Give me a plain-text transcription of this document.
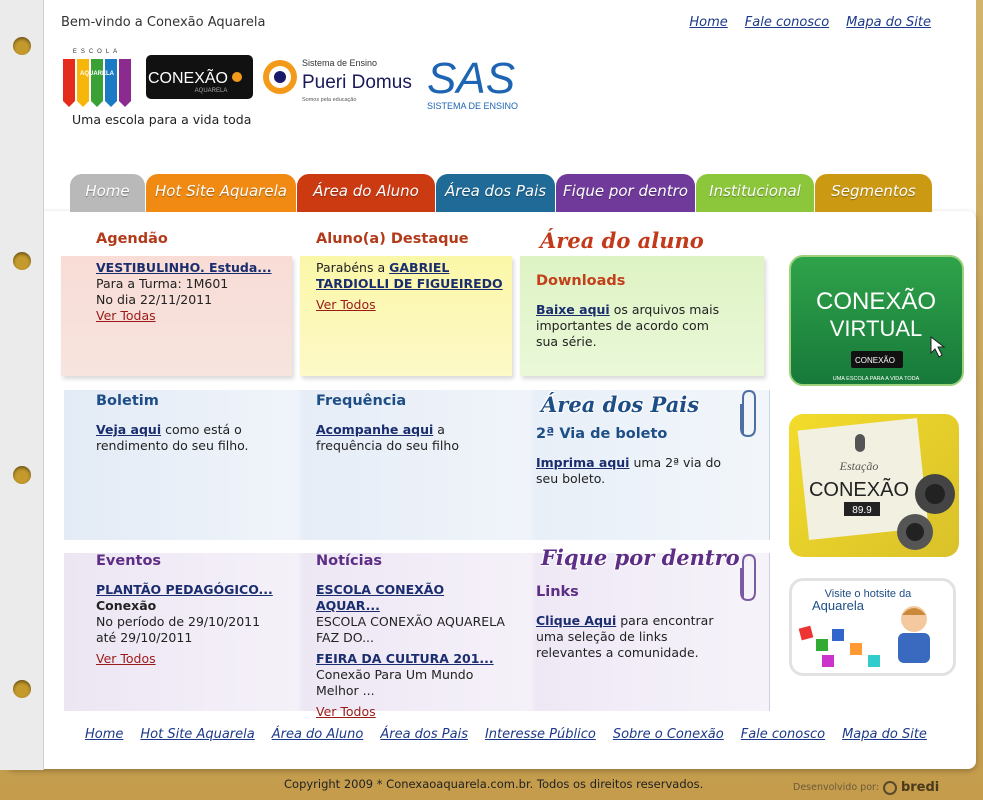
Bem-vindo a Conexão Aquarela	Home Fale conosco Mapa do Site
ESCOLA
AQUARELA CONEXÃO
AQUARELA
Sistema de Ensino
Pueri Domus
Somos pela educação SAS
SISTEMA DE ENSINO
Uma escola para a vida toda
Home	Hot Site Aquarela	Área do Aluno	Área dos Pais	Fique por dentro	Institucional	Segmentos
Agendão
VESTIBULINHO. Estuda...
Para a Turma: 1M601
No dia 22/11/2011
Ver Todas
Aluno(a) Destaque
Parabéns a GABRIEL
TARDIOLLI DE FIGUEIREDO
Ver Todos
Área do aluno
Downloads
Baixe aqui os arquivos mais
importantes de acordo com
sua série.
Boletim
Veja aqui como está o
rendimento do seu filho.
Frequência
Acompanhe aqui a
frequência do seu filho
Área dos Pais
2ª Via de boleto
Imprima aqui uma 2ª via do
seu boleto.
Eventos
PLANTÃO PEDAGÓGICO...
Conexão
No período de 29/10/2011
até 29/10/2011
Ver Todos
Notícias
ESCOLA CONEXÃO
AQUAR...
ESCOLA CONEXÃO AQUARELA
FAZ DO...
FEIRA DA CULTURA 201...
Conexão Para Um Mundo
Melhor ...
Ver Todos
Fique por dentro
Links
Clique Aqui para encontrar
uma seleção de links
relevantes a comunidade.
CONEXÃO
VIRTUAL
CONEXÃO
UMA ESCOLA PARA A VIDA TODA
Estação
CONEXÃO
89.9
Visite o hotsite da
Aquarela
Home Hot Site Aquarela Área do Aluno Área dos Pais Interesse Público Sobre o Conexão Fale conosco Mapa do Site
Copyright 2009 * Conexaoaquarela.com.br. Todos os direitos reservados.	Desenvolvido por: bredi
